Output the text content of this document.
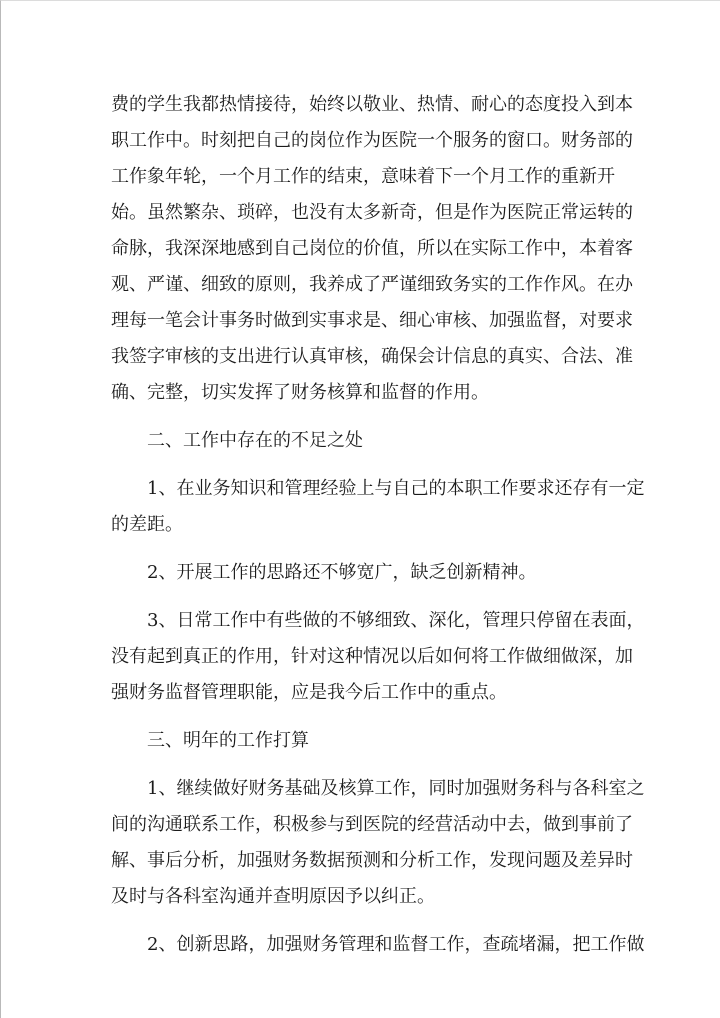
费的学生我都热情接待，始终以敬业、热情、耐心的态度投入到本
职工作中。时刻把自己的岗位作为医院一个服务的窗口。财务部的
工作象年轮，一个月工作的结束，意味着下一个月工作的重新开
始。虽然繁杂、琐碎，也没有太多新奇，但是作为医院正常运转的
命脉，我深深地感到自己岗位的价值，所以在实际工作中，本着客
观、严谨、细致的原则，我养成了严谨细致务实的工作作风。在办
理每一笔会计事务时做到实事求是、细心审核、加强监督，对要求
我签字审核的支出进行认真审核，确保会计信息的真实、合法、准
确、完整，切实发挥了财务核算和监督的作用。
二、工作中存在的不足之处
1、在业务知识和管理经验上与自己的本职工作要求还存有一定
的差距。
2、开展工作的思路还不够宽广，缺乏创新精神。
3、日常工作中有些做的不够细致、深化，管理只停留在表面，
没有起到真正的作用，针对这种情况以后如何将工作做细做深，加
强财务监督管理职能，应是我今后工作中的重点。
三、明年的工作打算
1、继续做好财务基础及核算工作，同时加强财务科与各科室之
间的沟通联系工作，积极参与到医院的经营活动中去，做到事前了
解、事后分析，加强财务数据预测和分析工作，发现问题及差异时
及时与各科室沟通并查明原因予以纠正。
2、创新思路，加强财务管理和监督工作，查疏堵漏，把工作做
